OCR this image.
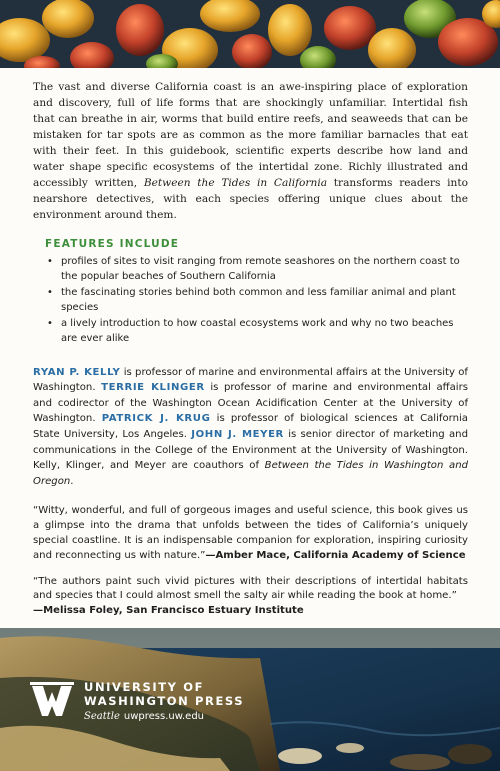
The vast and diverse California coast is an awe-inspiring place of exploration and discovery, full of life forms that are shockingly unfamiliar. Intertidal fish that can breathe in air, worms that build entire reefs, and seaweeds that can be mistaken for tar spots are as common as the more familiar barnacles that eat with their feet. In this guidebook, scientific experts describe how land and water shape specific ecosystems of the intertidal zone. Richly illustrated and accessibly written, Between the Tides in California transforms readers into nearshore detectives, with each species offering unique clues about the environment around them.

FEATURES INCLUDE
• profiles of sites to visit ranging from remote seashores on the northern coast to the popular beaches of Southern California
• the fascinating stories behind both common and less familiar animal and plant species
• a lively introduction to how coastal ecosystems work and why no two beaches are ever alike
RYAN P. KELLY is professor of marine and environmental affairs at the University of Washington. TERRIE KLINGER is professor of marine and environmental affairs and codirector of the Washington Ocean Acidification Center at the University of Washington. PATRICK J. KRUG is professor of biological sciences at California State University, Los Angeles. JOHN J. MEYER is senior director of marketing and communications in the College of the Environment at the University of Washington. Kelly, Klinger, and Meyer are coauthors of Between the Tides in Washington and Oregon.
“Witty, wonderful, and full of gorgeous images and useful science, this book gives us a glimpse into the drama that unfolds between the tides of California’s uniquely special coastline. It is an indispensable companion for exploration, inspiring curiosity and reconnecting us with nature.”—Amber Mace, California Academy of Science
“The authors paint such vivid pictures with their descriptions of intertidal habitats and species that I could almost smell the salty air while reading the book at home.”
—Melissa Foley, San Francisco Estuary Institute
UNIVERSITY OF
WASHINGTON PRESS
Seattle uwpress.uw.edu
